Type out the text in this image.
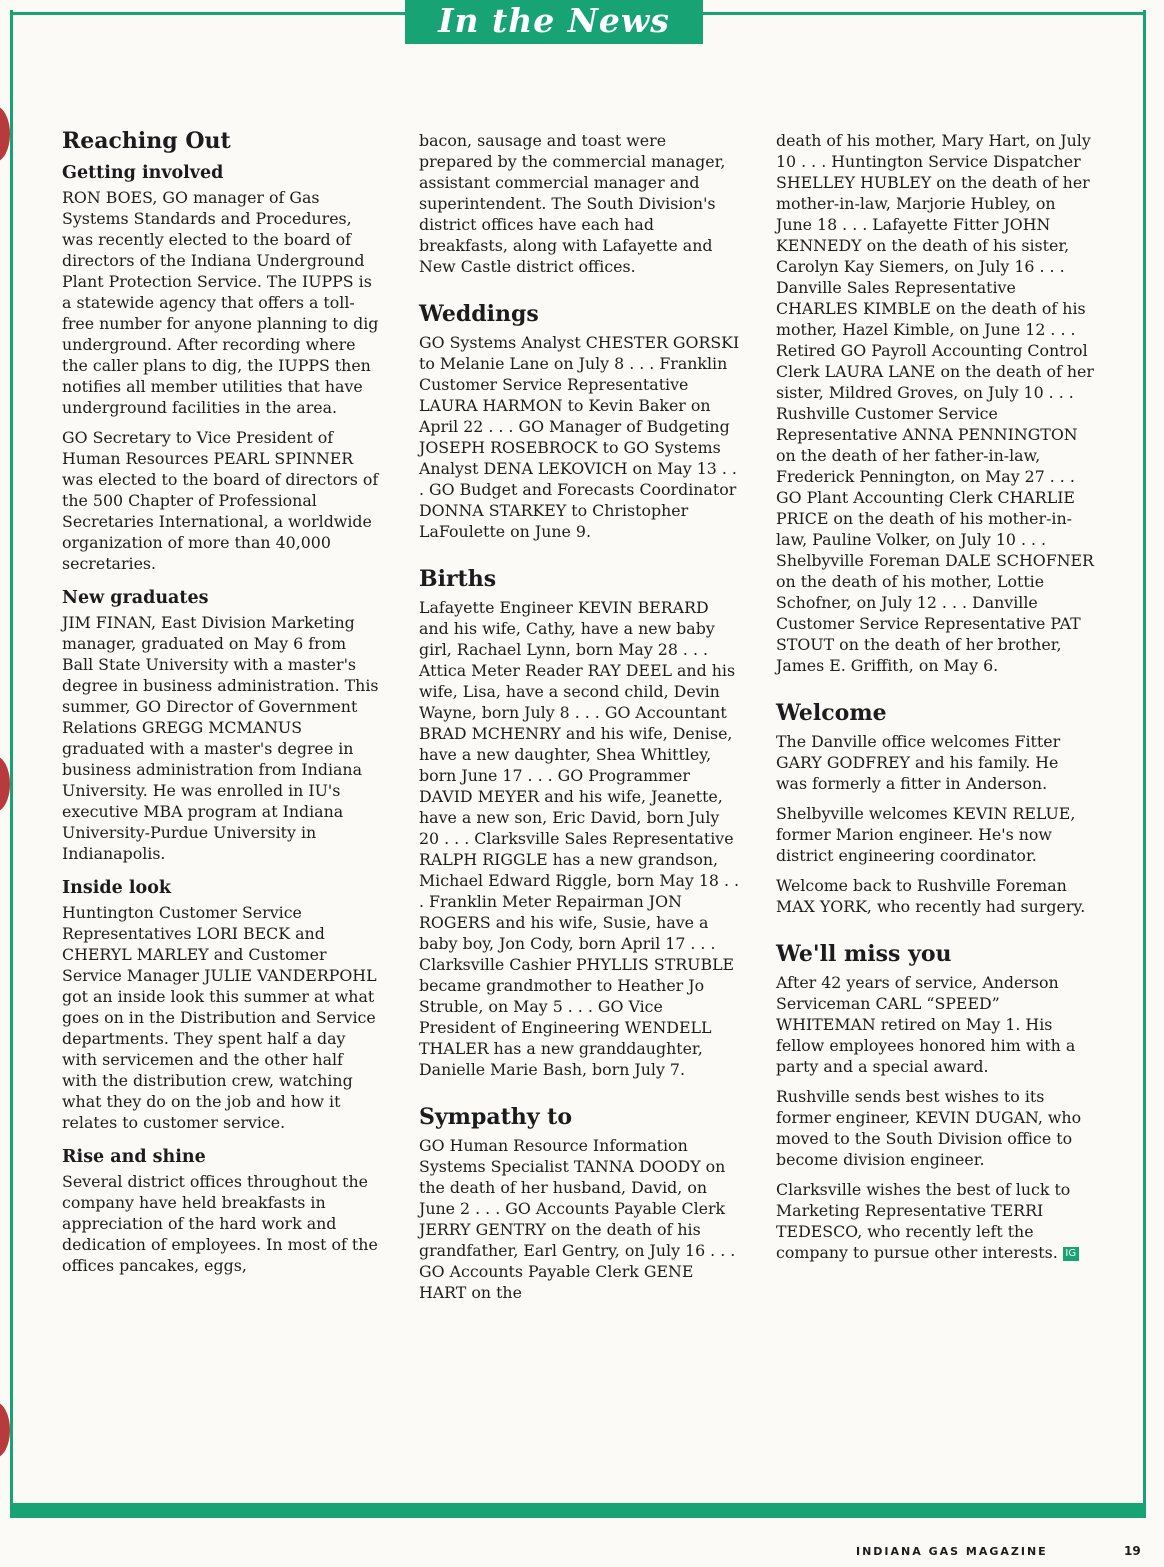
In the News
Reaching Out
Getting involved

RON BOES, GO manager of Gas Systems Standards and Procedures, was recently elected to the board of directors of the Indiana Underground Plant Protection Service. The IUPPS is a statewide agency that offers a toll-free number for anyone planning to dig underground. After recording where the caller plans to dig, the IUPPS then notifies all member utilities that have underground facilities in the area.

GO Secretary to Vice President of Human Resources PEARL SPINNER was elected to the board of directors of the 500 Chapter of Professional Secretaries International, a worldwide organization of more than 40,000 secretaries.

New graduates

JIM FINAN, East Division Marketing manager, graduated on May 6 from Ball State University with a master's degree in business administration. This summer, GO Director of Government Relations GREGG MCMANUS graduated with a master's degree in business administration from Indiana University. He was enrolled in IU's executive MBA program at Indiana University-Purdue University in Indianapolis.

Inside look

Huntington Customer Service Representatives LORI BECK and CHERYL MARLEY and Customer Service Manager JULIE VANDERPOHL got an inside look this summer at what goes on in the Distribution and Service departments. They spent half a day with servicemen and the other half with the distribution crew, watching what they do on the job and how it relates to customer service.

Rise and shine

Several district offices throughout the company have held breakfasts in appreciation of the hard work and dedication of employees. In most of the offices pancakes, eggs,

bacon, sausage and toast were prepared by the commercial manager, assistant commercial manager and superintendent. The South Division's district offices have each had breakfasts, along with Lafayette and New Castle district offices.

Weddings

GO Systems Analyst CHESTER GORSKI to Melanie Lane on July 8 . . . Franklin Customer Service Representative LAURA HARMON to Kevin Baker on April 22 . . . GO Manager of Budgeting JOSEPH ROSEBROCK to GO Systems Analyst DENA LEKOVICH on May 13 . . . GO Budget and Forecasts Coordinator DONNA STARKEY to Christopher LaFoulette on June 9.

Births

Lafayette Engineer KEVIN BERARD and his wife, Cathy, have a new baby girl, Rachael Lynn, born May 28 . . . Attica Meter Reader RAY DEEL and his wife, Lisa, have a second child, Devin Wayne, born July 8 . . . GO Accountant BRAD MCHENRY and his wife, Denise, have a new daughter, Shea Whittley, born June 17 . . . GO Programmer DAVID MEYER and his wife, Jeanette, have a new son, Eric David, born July 20 . . . Clarksville Sales Representative RALPH RIGGLE has a new grandson, Michael Edward Riggle, born May 18 . . . Franklin Meter Repairman JON ROGERS and his wife, Susie, have a baby boy, Jon Cody, born April 17 . . . Clarksville Cashier PHYLLIS STRUBLE became grandmother to Heather Jo Struble, on May 5 . . . GO Vice President of Engineering WENDELL THALER has a new granddaughter, Danielle Marie Bash, born July 7.

Sympathy to

GO Human Resource Information Systems Specialist TANNA DOODY on the death of her husband, David, on June 2 . . . GO Accounts Payable Clerk JERRY GENTRY on the death of his grandfather, Earl Gentry, on July 16 . . . GO Accounts Payable Clerk GENE HART on the

death of his mother, Mary Hart, on July 10 . . . Huntington Service Dispatcher SHELLEY HUBLEY on the death of her mother-in-law, Marjorie Hubley, on June 18 . . . Lafayette Fitter JOHN KENNEDY on the death of his sister, Carolyn Kay Siemers, on July 16 . . . Danville Sales Representative CHARLES KIMBLE on the death of his mother, Hazel Kimble, on June 12 . . . Retired GO Payroll Accounting Control Clerk LAURA LANE on the death of her sister, Mildred Groves, on July 10 . . . Rushville Customer Service Representative ANNA PENNINGTON on the death of her father-in-law, Frederick Pennington, on May 27 . . . GO Plant Accounting Clerk CHARLIE PRICE on the death of his mother-in-law, Pauline Volker, on July 10 . . . Shelbyville Foreman DALE SCHOFNER on the death of his mother, Lottie Schofner, on July 12 . . . Danville Customer Service Representative PAT STOUT on the death of her brother, James E. Griffith, on May 6.

Welcome

The Danville office welcomes Fitter GARY GODFREY and his family. He was formerly a fitter in Anderson.

Shelbyville welcomes KEVIN RELUE, former Marion engineer. He's now district engineering coordinator.

Welcome back to Rushville Foreman MAX YORK, who recently had surgery.

We'll miss you

After 42 years of service, Anderson Serviceman CARL “SPEED” WHITEMAN retired on May 1. His fellow employees honored him with a party and a special award.

Rushville sends best wishes to its former engineer, KEVIN DUGAN, who moved to the South Division office to become division engineer.

Clarksville wishes the best of luck to Marketing Representative TERRI TEDESCO, who recently left the company to pursue other interests. IG

INDIANA GAS MAGAZINE	19
